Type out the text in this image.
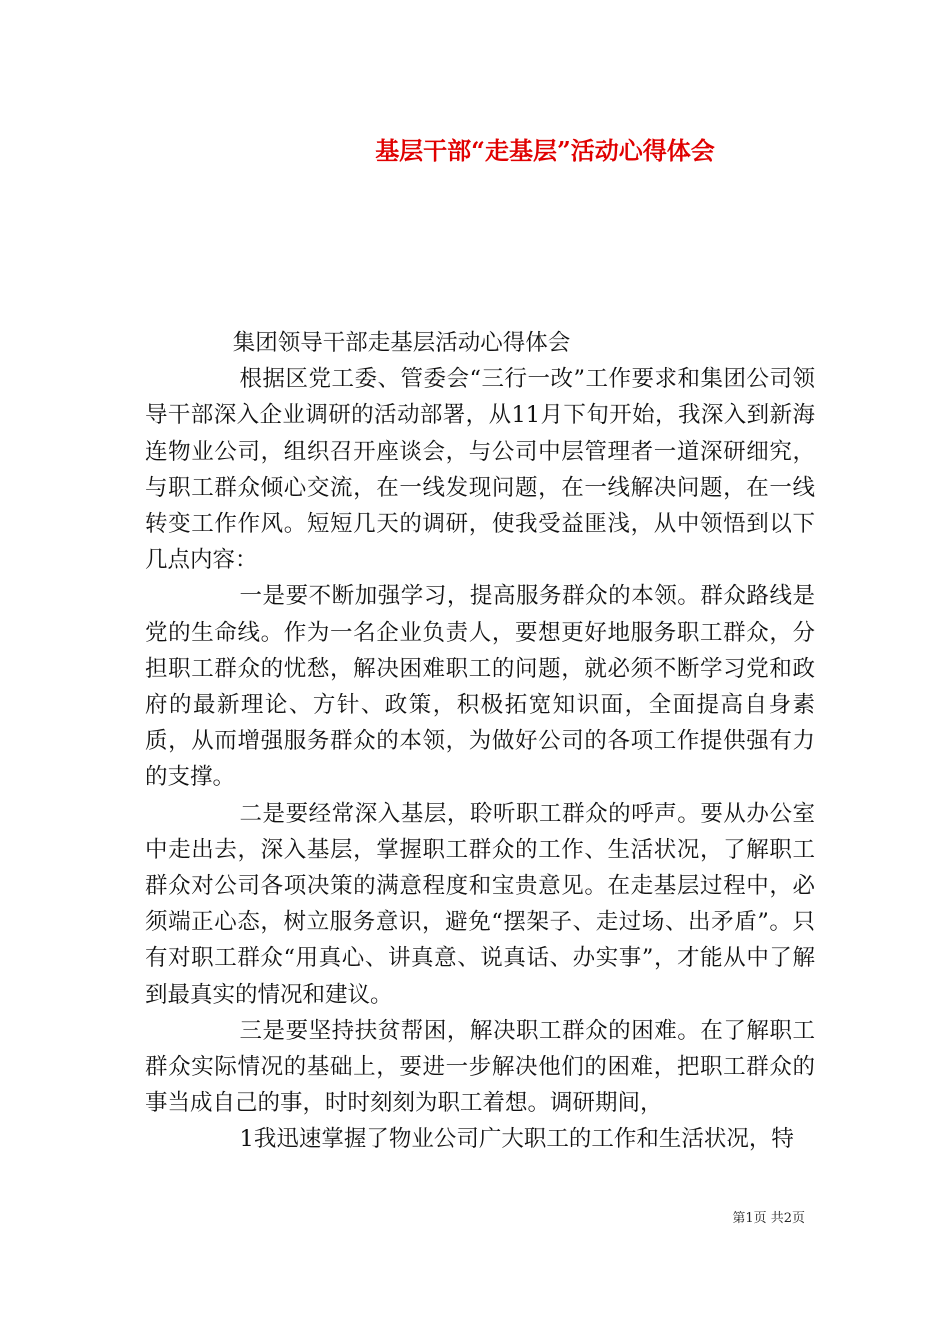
基层干部“走基层”活动心得体会

集团领导干部走基层活动心得体会

根据区党工委、管委会“三行一改”工作要求和集团公司领导干部深入企业调研的活动部署，从11月下旬开始，我深入到新海连物业公司，组织召开座谈会，与公司中层管理者一道深研细究，与职工群众倾心交流，在一线发现问题，在一线解决问题，在一线转变工作作风。短短几天的调研，使我受益匪浅，从中领悟到以下几点内容：

一是要不断加强学习，提高服务群众的本领。群众路线是党的生命线。作为一名企业负责人，要想更好地服务职工群众，分担职工群众的忧愁，解决困难职工的问题，就必须不断学习党和政府的最新理论、方针、政策，积极拓宽知识面，全面提高自身素质，从而增强服务群众的本领，为做好公司的各项工作提供强有力的支撑。

二是要经常深入基层，聆听职工群众的呼声。要从办公室中走出去，深入基层，掌握职工群众的工作、生活状况，了解职工群众对公司各项决策的满意程度和宝贵意见。在走基层过程中，必须端正心态，树立服务意识，避免“摆架子、走过场、出矛盾”。只有对职工群众“用真心、讲真意、说真话、办实事”，才能从中了解到最真实的情况和建议。

三是要坚持扶贫帮困，解决职工群众的困难。在了解职工群众实际情况的基础上，要进一步解决他们的困难，把职工群众的事当成自己的事，时时刻刻为职工着想。调研期间，

1我迅速掌握了物业公司广大职工的工作和生活状况，特

第1页 共2页
